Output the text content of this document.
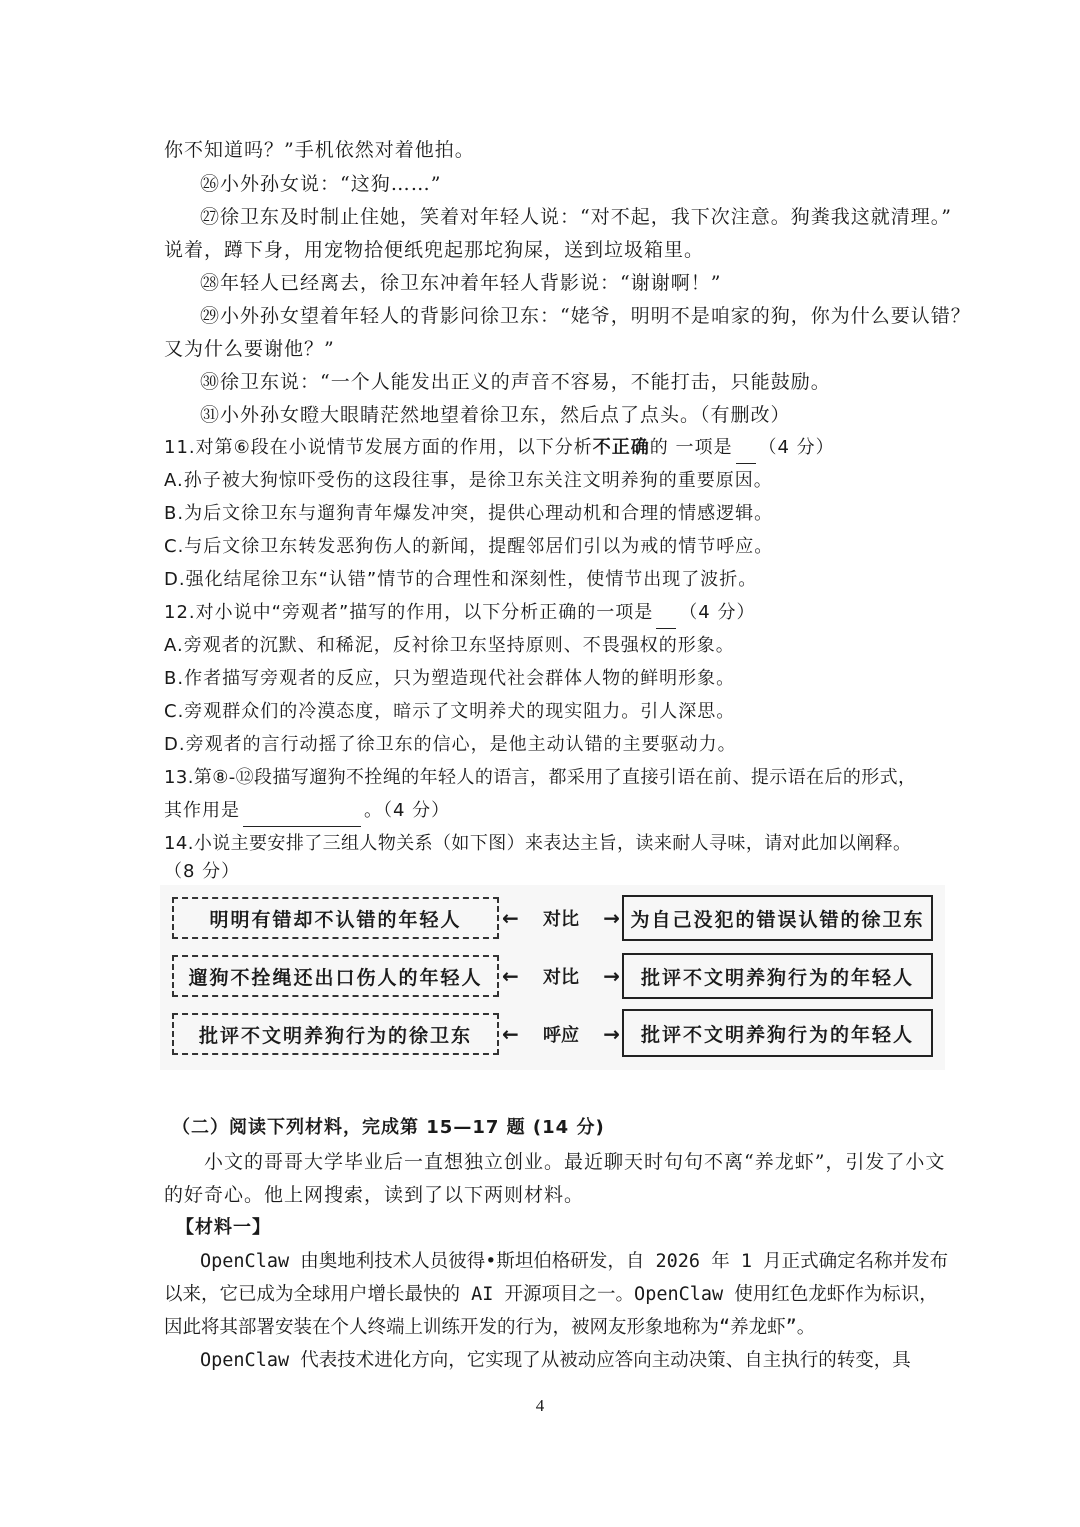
你不知道吗？”手机依然对着他拍。
㉖小外孙女说：“这狗……”
㉗徐卫东及时制止住她，笑着对年轻人说：“对不起，我下次注意。狗粪我这就清理。”
说着，蹲下身，用宠物拾便纸兜起那坨狗屎，送到垃圾箱里。
㉘年轻人已经离去，徐卫东冲着年轻人背影说：“谢谢啊！”
㉙小外孙女望着年轻人的背影问徐卫东：“姥爷，明明不是咱家的狗，你为什么要认错？
又为什么要谢他？”
㉚徐卫东说：“一个人能发出正义的声音不容易，不能打击，只能鼓励。
㉛小外孙女瞪大眼睛茫然地望着徐卫东，然后点了点头。（有删改）
11.对第⑥段在小说情节发展方面的作用，以下分析不正确的 一项是 （4 分）
A.孙子被大狗惊吓受伤的这段往事，是徐卫东关注文明养狗的重要原因。
B.为后文徐卫东与遛狗青年爆发冲突，提供心理动机和合理的情感逻辑。
C.与后文徐卫东转发恶狗伤人的新闻，提醒邻居们引以为戒的情节呼应。
D.强化结尾徐卫东“认错”情节的合理性和深刻性，使情节出现了波折。
12.对小说中“旁观者”描写的作用，以下分析正确的一项是 （4 分）
A.旁观者的沉默、和稀泥，反衬徐卫东坚持原则、不畏强权的形象。
B.作者描写旁观者的反应，只为塑造现代社会群体人物的鲜明形象。
C.旁观群众们的冷漠态度，暗示了文明养犬的现实阻力。引人深思。
D.旁观者的言行动摇了徐卫东的信心，是他主动认错的主要驱动力。
13.第⑧-⑫段描写遛狗不拴绳的年轻人的语言，都采用了直接引语在前、提示语在后的形式，
其作用是	。（4 分）
14.小说主要安排了三组人物关系（如下图）来表达主旨，读来耐人寻味，请对此加以阐释。
（8 分）
明明有错却不认错的年轻人	← 对比 → 为自己没犯的错误认错的徐卫东
遛狗不拴绳还出口伤人的年轻人 ← 对比 →	批评不文明养狗行为的年轻人
批评不文明养狗行为的徐卫东	← 呼应 →	批评不文明养狗行为的年轻人
（二）阅读下列材料，完成第 15—17 题 (14 分)
小文的哥哥大学毕业后一直想独立创业。最近聊天时句句不离“养龙虾”，引发了小文
的好奇心。他上网搜索，读到了以下两则材料。
【材料一】
OpenClaw 由奥地利技术人员彼得•斯坦伯格研发，自 2026 年 1 月正式确定名称并发布
以来，它已成为全球用户增长最快的 AI 开源项目之一。OpenClaw 使用红色龙虾作为标识，
因此将其部署安装在个人终端上训练开发的行为，被网友形象地称为“养龙虾”。
OpenClaw 代表技术进化方向，它实现了从被动应答向主动决策、自主执行的转变，具
4
